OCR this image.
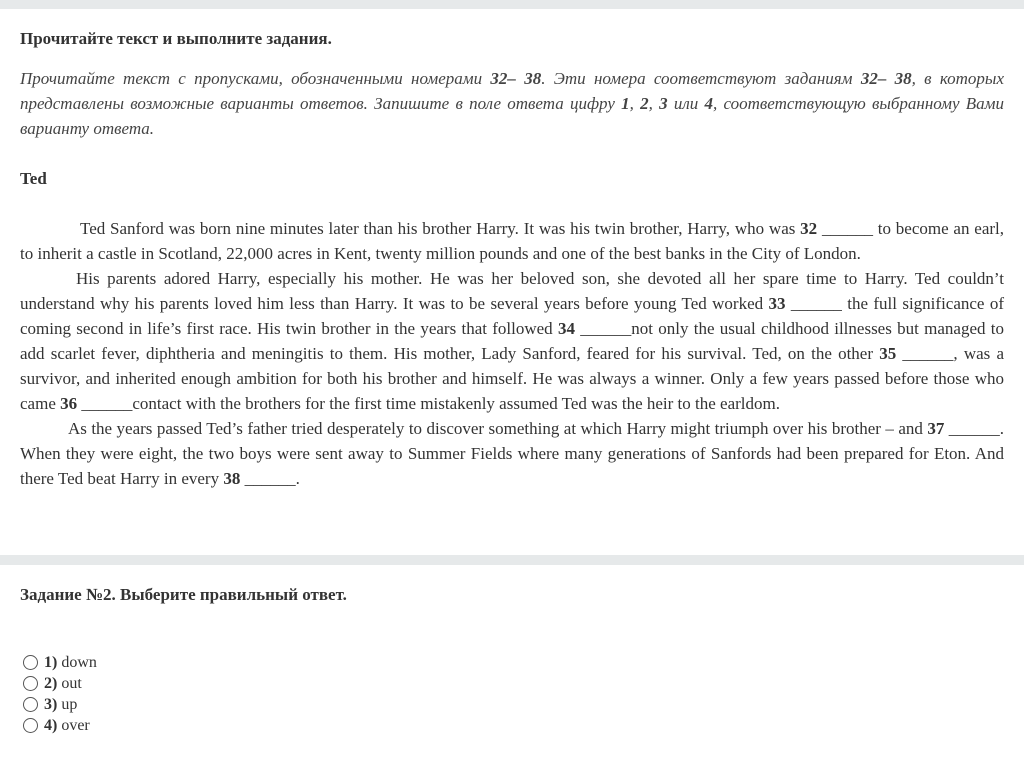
Прочитайте текст и выполните задания.

Прочитайте текст с пропусками, обозначенными номерами 32– 38. Эти номера соответствуют заданиям 32– 38, в которых представлены возможные варианты ответов. Запишите в поле ответа цифру 1, 2, 3 или 4, соответствующую выбранному Вами варианту ответа.

Ted

Ted Sanford was born nine minutes later than his brother Harry. It was his twin brother, Harry, who was 32 ______ to become an earl, to inherit a castle in Scotland, 22,000 acres in Kent, twenty million pounds and one of the best banks in the City of London.

His parents adored Harry, especially his mother. He was her beloved son, she devoted all her spare time to Harry. Ted couldn’t understand why his parents loved him less than Harry. It was to be several years before young Ted worked 33 ______ the full significance of coming second in life’s first race. His twin brother in the years that followed 34 ______not only the usual childhood illnesses but managed to add scarlet fever, diphtheria and meningitis to them. His mother, Lady Sanford, feared for his survival. Ted, on the other 35 ______, was a survivor, and inherited enough ambition for both his brother and himself. He was always a winner. Only a few years passed before those who came 36 ______contact with the brothers for the first time mistakenly assumed Ted was the heir to the earldom.

As the years passed Ted’s father tried desperately to discover something at which Harry might triumph over his brother – and 37 ______. When they were eight, the two boys were sent away to Summer Fields where many generations of Sanfords had been prepared for Eton. And there Ted beat Harry in every 38 ______.

Задание №2. Выберите правильный ответ.

1) down
2) out
3) up
4) over
